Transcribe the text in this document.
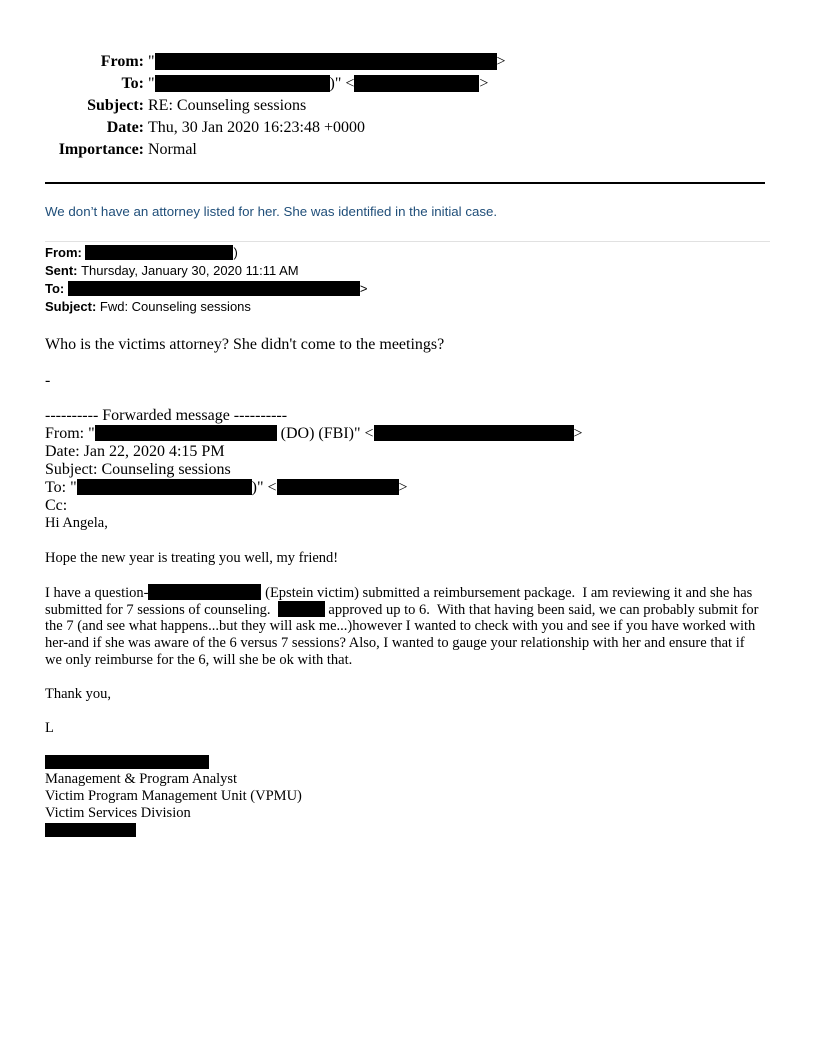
From: "	>
To: "	)" <	>
Subject: RE: Counseling sessions
Date: Thu, 30 Jan 2020 16:23:48 +0000
Importance: Normal
We don’t have an attorney listed for her. She was identified in the initial case.
From:	)
Sent: Thursday, January 30, 2020 11:11 AM
To:	>
Subject: Fwd: Counseling sessions
Who is the victims attorney? She didn't come to the meetings?
-
---------- Forwarded message ----------
From: "	(DO) (FBI)" <	>
Date: Jan 22, 2020 4:15 PM
Subject: Counseling sessions
To: "	)" <	>
Cc:
Hi Angela,
Hope the new year is treating you well, my friend!
I have a question-	(Epstein victim) submitted a reimbursement package.  I am reviewing it and she has
submitted for 7 sessions of counseling.	approved up to 6.  With that having been said, we can probably submit for
the 7 (and see what happens...but they will ask me...)however I wanted to check with you and see if you have worked with
her-and if she was aware of the 6 versus 7 sessions? Also, I wanted to gauge your relationship with her and ensure that if
we only reimburse for the 6, will she be ok with that.
Thank you,
L
Management & Program Analyst
Victim Program Management Unit (VPMU)
Victim Services Division
